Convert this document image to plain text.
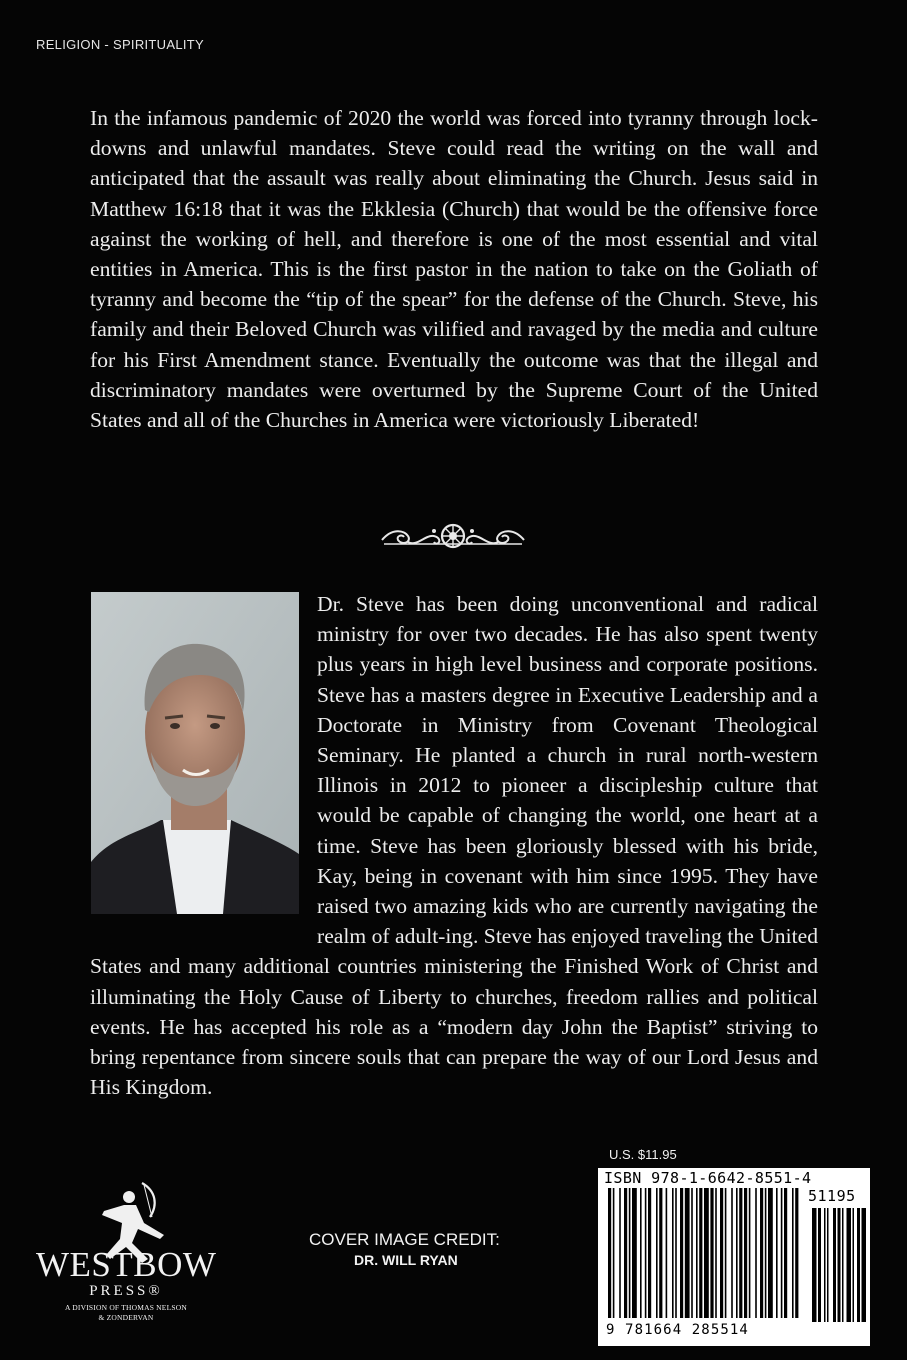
RELIGION - SPIRITUALITY

In the infamous pandemic of 2020 the world was forced into tyranny through lock-downs and unlawful mandates. Steve could read the writing on the wall and anticipated that the assault was really about eliminating the Church. Jesus said in Matthew 16:18 that it was the Ekklesia (Church) that would be the offensive force against the working of hell, and therefore is one of the most essential and vital entities in America. This is the first pastor in the nation to take on the Goliath of tyranny and become the “tip of the spear” for the defense of the Church. Steve, his family and their Beloved Church was vilified and ravaged by the media and culture for his First Amendment stance. Eventually the outcome was that the illegal and discriminatory mandates were overturned by the Supreme Court of the United States and all of the Churches in America were victoriously Liberated!

Dr. Steve has been doing unconventional and radical ministry for over two decades. He has also spent twenty plus years in high level business and corporate positions. Steve has a masters degree in Executive Leadership and a Doctorate in Ministry from Covenant Theological Seminary. He planted a church in rural north-western Illinois in 2012 to pioneer a discipleship culture that would be capable of changing the world, one heart at a time. Steve has been gloriously blessed with his bride, Kay, being in covenant with him since 1995. They have raised two amazing kids who are currently navigating the realm of adult-ing. Steve has enjoyed traveling the United States and many additional countries ministering the Finished Work of Christ and illuminating the Holy Cause of Liberty to churches, freedom rallies and political events. He has accepted his role as a “modern day John the Baptist” striving to bring repentance from sincere souls that can prepare the way of our Lord Jesus and His Kingdom.

WESTBOW
PRESS®
A DIVISION OF THOMAS NELSON
& ZONDERVAN
COVER IMAGE CREDIT:
DR. WILL RYAN
U.S. $11.95
ISBN 978-1-6642-8551-4
51195
9 781664 285514
